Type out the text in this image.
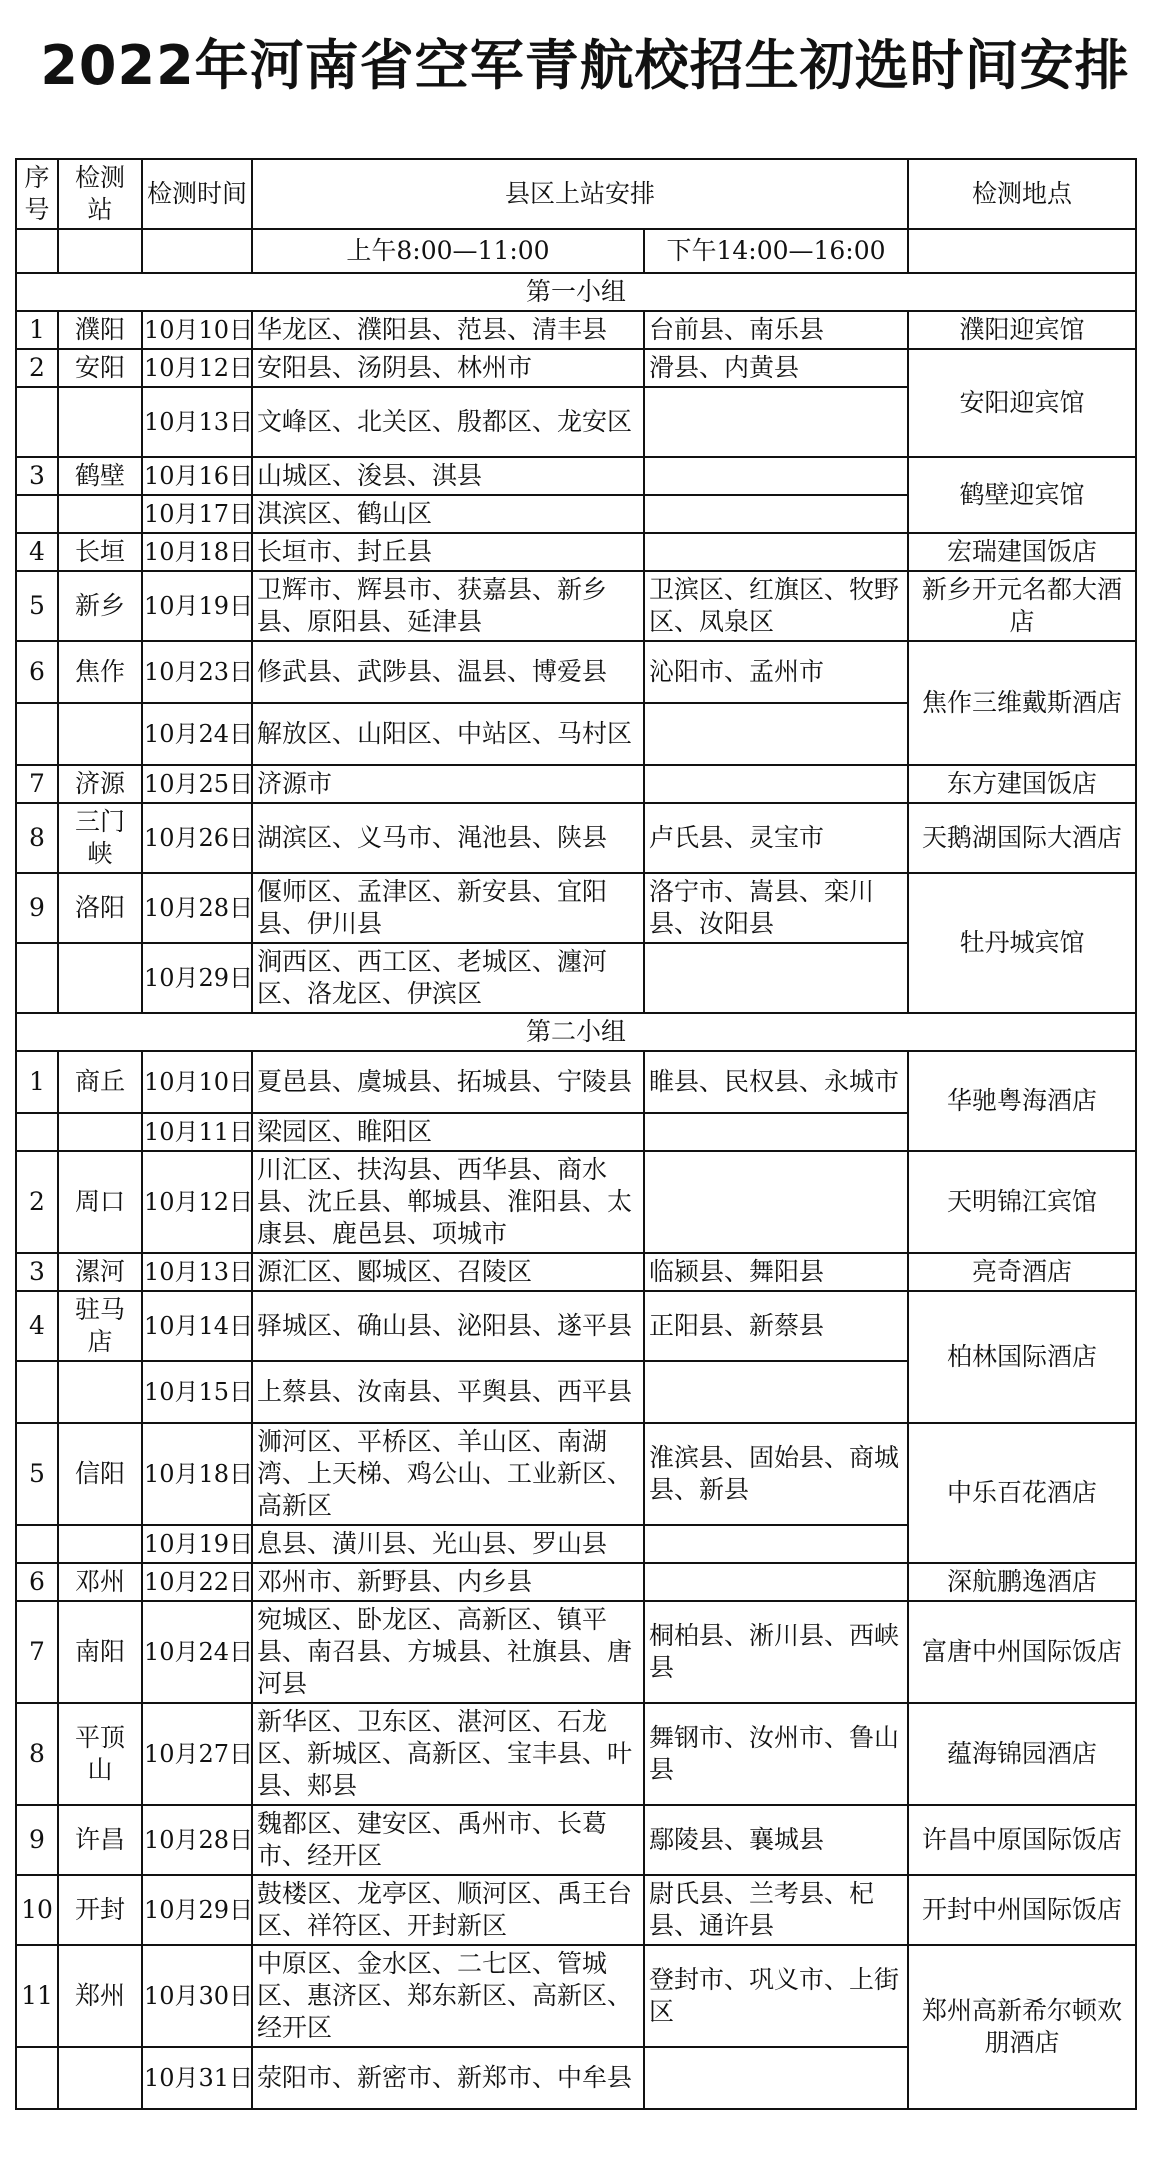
2022年河南省空军青航校招生初选时间安排
序号	检测站	检测时间	县区上站安排		检测地点
			上午8:00—11:00	下午14:00—16:00	
第一小组					
1	濮阳	10月10日	华龙区、濮阳县、范县、清丰县	台前县、南乐县	濮阳迎宾馆
2	安阳	10月12日	安阳县、汤阴县、林州市	滑县、内黄县	安阳迎宾馆
		10月13日	文峰区、北关区、殷都区、龙安区		
3	鹤壁	10月16日	山城区、浚县、淇县		鹤壁迎宾馆
		10月17日	淇滨区、鹤山区		
4	长垣	10月18日	长垣市、封丘县		宏瑞建国饭店
5	新乡	10月19日	卫辉市、辉县市、获嘉县、新乡县、原阳县、延津县	卫滨区、红旗区、牧野区、凤泉区	新乡开元名都大酒店
6	焦作	10月23日	修武县、武陟县、温县、博爱县	沁阳市、孟州市	焦作三维戴斯酒店
		10月24日	解放区、山阳区、中站区、马村区		
7	济源	10月25日	济源市		东方建国饭店
8	三门峡	10月26日	湖滨区、义马市、渑池县、陕县	卢氏县、灵宝市	天鹅湖国际大酒店
9	洛阳	10月28日	偃师区、孟津区、新安县、宜阳县、伊川县	洛宁市、嵩县、栾川县、汝阳县	牡丹城宾馆
		10月29日	涧西区、西工区、老城区、瀍河区、洛龙区、伊滨区		
第二小组					
1	商丘	10月10日	夏邑县、虞城县、拓城县、宁陵县	睢县、民权县、永城市	华驰粤海酒店
		10月11日	梁园区、睢阳区		
2	周口	10月12日	川汇区、扶沟县、西华县、商水县、沈丘县、郸城县、淮阳县、太康县、鹿邑县、项城市		天明锦江宾馆
3	漯河	10月13日	源汇区、郾城区、召陵区	临颍县、舞阳县	亮奇酒店
4	驻马店	10月14日	驿城区、确山县、泌阳县、遂平县	正阳县、新蔡县	柏林国际酒店
		10月15日	上蔡县、汝南县、平舆县、西平县		
5	信阳	10月18日	浉河区、平桥区、羊山区、南湖湾、上天梯、鸡公山、工业新区、高新区	淮滨县、固始县、商城县、新县	中乐百花酒店
		10月19日	息县、潢川县、光山县、罗山县		
6	邓州	10月22日	邓州市、新野县、内乡县		深航鹏逸酒店
7	南阳	10月24日	宛城区、卧龙区、高新区、镇平县、南召县、方城县、社旗县、唐河县	桐柏县、淅川县、西峡县	富唐中州国际饭店
8	平顶山	10月27日	新华区、卫东区、湛河区、石龙区、新城区、高新区、宝丰县、叶县、郏县	舞钢市、汝州市、鲁山县	蕴海锦园酒店
9	许昌	10月28日	魏都区、建安区、禹州市、长葛市、经开区	鄢陵县、襄城县	许昌中原国际饭店
10	开封	10月29日	鼓楼区、龙亭区、顺河区、禹王台区、祥符区、开封新区	尉氏县、兰考县、杞县、通许县	开封中州国际饭店
11	郑州	10月30日	中原区、金水区、二七区、管城区、惠济区、郑东新区、高新区、经开区	登封市、巩义市、上街区	郑州高新希尔顿欢朋酒店
		10月31日	荥阳市、新密市、新郑市、中牟县		
